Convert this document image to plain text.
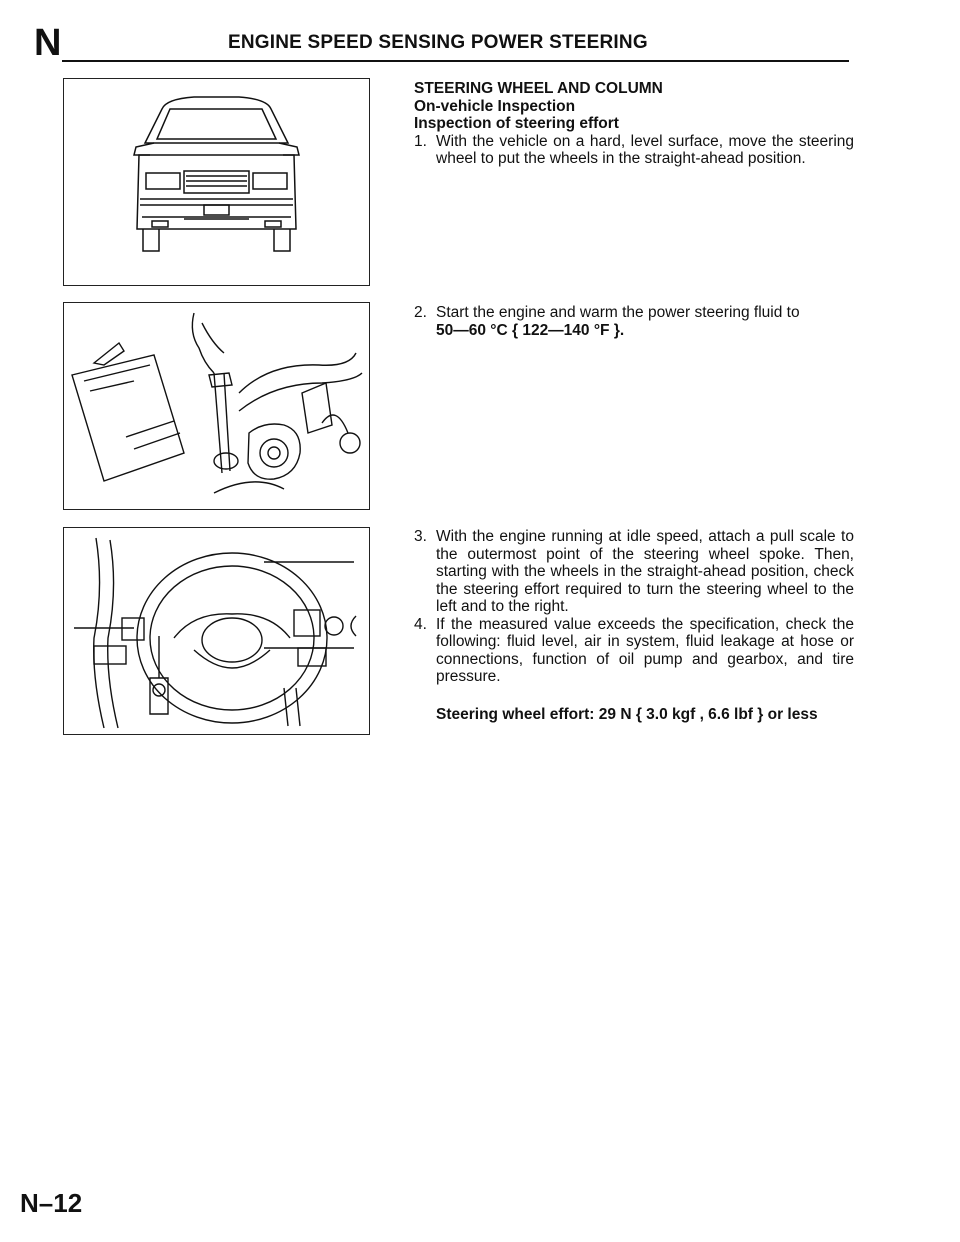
N	ENGINE SPEED SENSING POWER STEERING
STEERING WHEEL AND COLUMN
On-vehicle Inspection
Inspection of steering effort
1. With the vehicle on a hard, level surface, move the steering wheel to put the wheels in the straight-ahead position.
2. Start the engine and warm the power steering fluid to
50—60 °C { 122—140 °F }.
3. With the engine running at idle speed, attach a pull scale to the outermost point of the steering wheel spoke. Then, starting with the wheels in the straight-ahead position, check the steering effort required to turn the steering wheel to the left and to the right.
4. If the measured value exceeds the specification, check the following: fluid level, air in system, fluid leakage at hose or connections, function of oil pump and gearbox, and tire pressure.
Steering wheel effort: 29 N { 3.0 kgf , 6.6 lbf } or less
N–12
